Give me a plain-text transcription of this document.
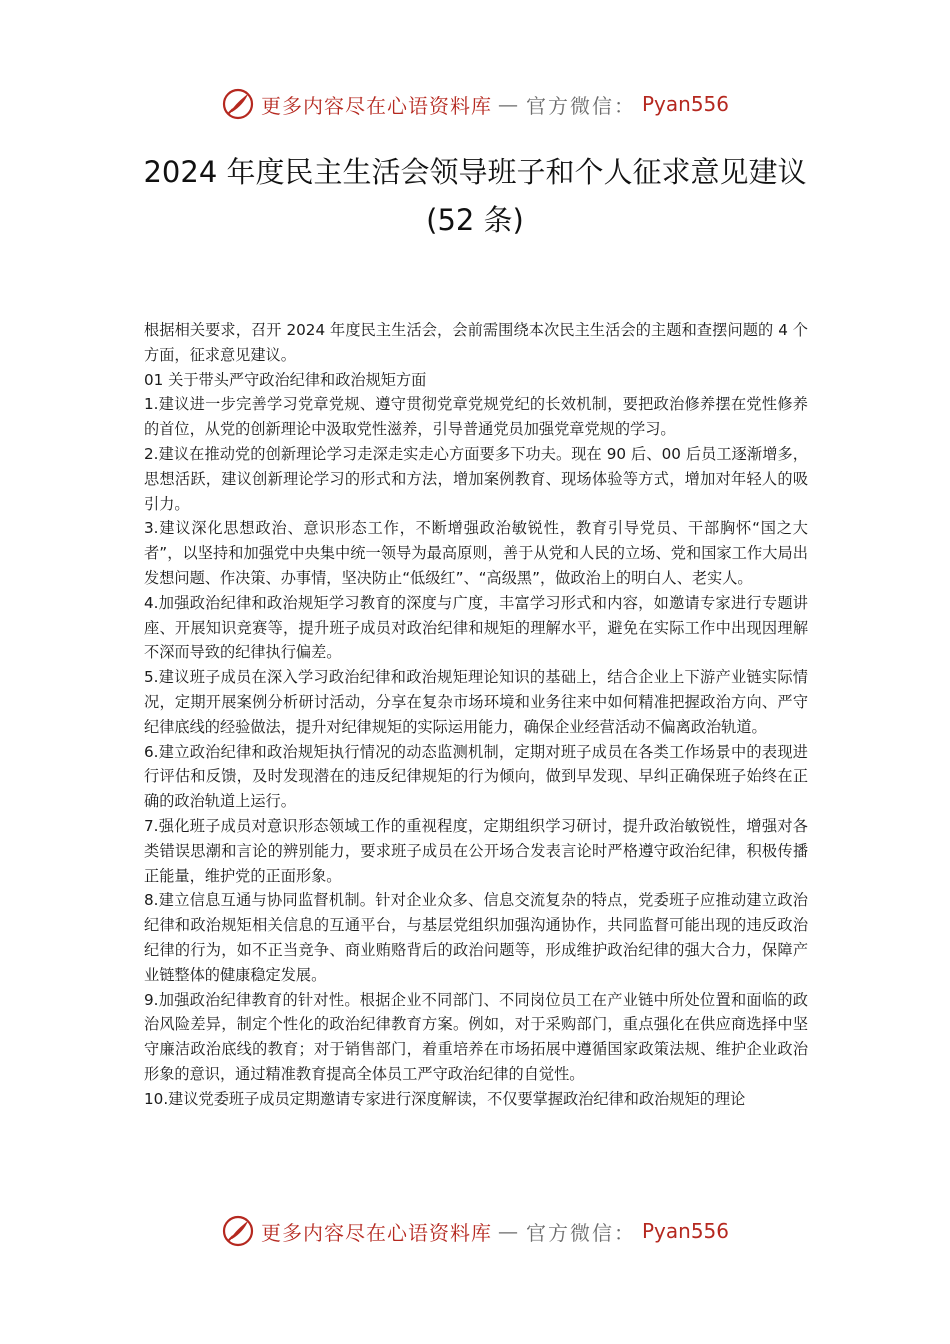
更多内容尽在心语资料库 — 官方微信： Pyan556
2024 年度民主生活会领导班子和个人征求意见建议
(52 条)

根据相关要求，召开 2024 年度民主生活会，会前需围绕本次民主生活会的主题和查摆问题的 4 个方面，征求意见建议。

01 关于带头严守政治纪律和政治规矩方面

1.建议进一步完善学习党章党规、遵守贯彻党章党规党纪的长效机制，要把政治修养摆在党性修养的首位，从党的创新理论中汲取党性滋养，引导普通党员加强党章党规的学习。

2.建议在推动党的创新理论学习走深走实走心方面要多下功夫。现在 90 后、00 后员工逐渐增多，思想活跃，建议创新理论学习的形式和方法，增加案例教育、现场体验等方式，增加对年轻人的吸引力。

3.建议深化思想政治、意识形态工作，不断增强政治敏锐性，教育引导党员、干部胸怀“国之大者”，以坚持和加强党中央集中统一领导为最高原则，善于从党和人民的立场、党和国家工作大局出发想问题、作决策、办事情，坚决防止“低级红”、“高级黑”，做政治上的明白人、老实人。

4.加强政治纪律和政治规矩学习教育的深度与广度，丰富学习形式和内容，如邀请专家进行专题讲座、开展知识竞赛等，提升班子成员对政治纪律和规矩的理解水平，避免在实际工作中出现因理解不深而导致的纪律执行偏差。

5.建议班子成员在深入学习政治纪律和政治规矩理论知识的基础上，结合企业上下游产业链实际情况，定期开展案例分析研讨活动，分享在复杂市场环境和业务往来中如何精准把握政治方向、严守纪律底线的经验做法，提升对纪律规矩的实际运用能力，确保企业经营活动不偏离政治轨道。

6.建立政治纪律和政治规矩执行情况的动态监测机制，定期对班子成员在各类工作场景中的表现进行评估和反馈，及时发现潜在的违反纪律规矩的行为倾向，做到早发现、早纠正确保班子始终在正确的政治轨道上运行。

7.强化班子成员对意识形态领域工作的重视程度，定期组织学习研讨，提升政治敏锐性，增强对各类错误思潮和言论的辨别能力，要求班子成员在公开场合发表言论时严格遵守政治纪律，积极传播正能量，维护党的正面形象。

8.建立信息互通与协同监督机制。针对企业众多、信息交流复杂的特点，党委班子应推动建立政治纪律和政治规矩相关信息的互通平台，与基层党组织加强沟通协作，共同监督可能出现的违反政治纪律的行为，如不正当竞争、商业贿赂背后的政治问题等，形成维护政治纪律的强大合力，保障产业链整体的健康稳定发展。

9.加强政治纪律教育的针对性。根据企业不同部门、不同岗位员工在产业链中所处位置和面临的政治风险差异，制定个性化的政治纪律教育方案。例如，对于采购部门，重点强化在供应商选择中坚守廉洁政治底线的教育；对于销售部门，着重培养在市场拓展中遵循国家政策法规、维护企业政治形象的意识，通过精准教育提高全体员工严守政治纪律的自觉性。

10.建议党委班子成员定期邀请专家进行深度解读，不仅要掌握政治纪律和政治规矩的理论

更多内容尽在心语资料库 — 官方微信： Pyan556
